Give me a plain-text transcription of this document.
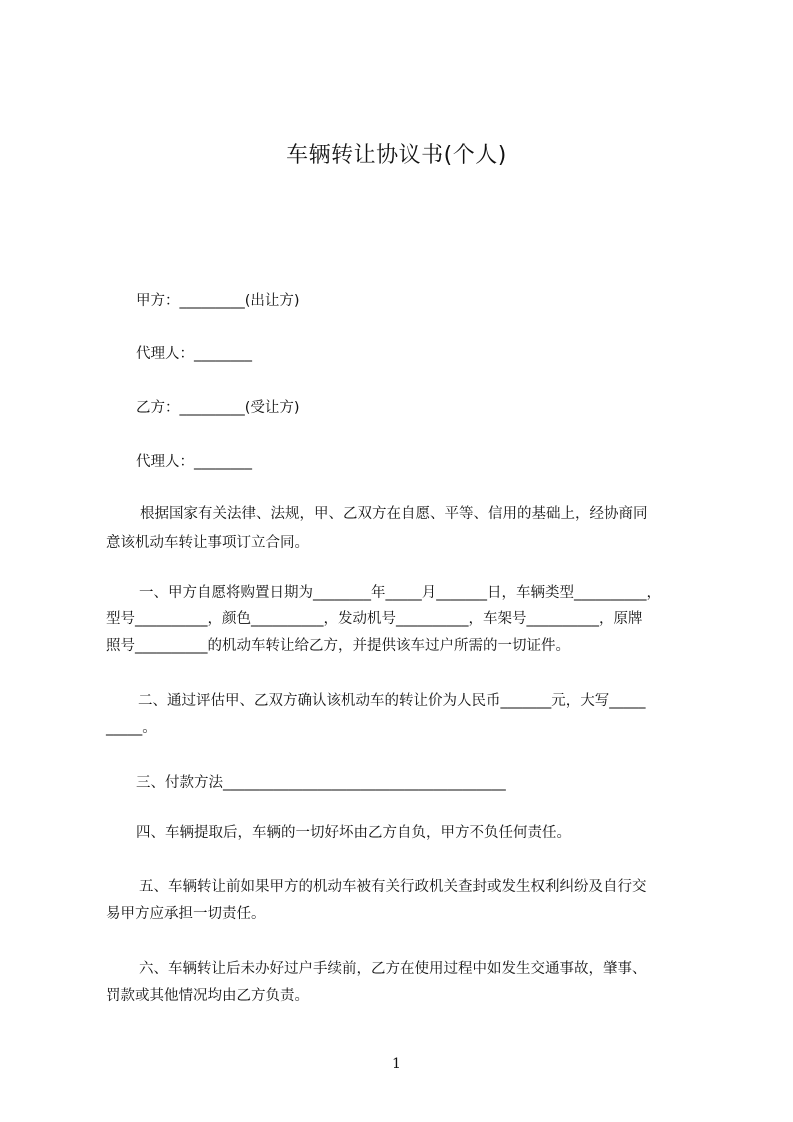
车辆转让协议书(个人)
甲方：_________(出让方)
代理人：________
乙方：_________(受让方)
代理人：________
根据国家有关法律、法规，甲、乙双方在自愿、平等、信用的基础上，经协商同
意该机动车转让事项订立合同。
一、甲方自愿将购置日期为________年_____月_______日，车辆类型__________，
型号__________，颜色__________，发动机号__________，车架号__________，原牌
照号__________的机动车转让给乙方，并提供该车过户所需的一切证件。
二、通过评估甲、乙双方确认该机动车的转让价为人民币_______元，大写_____
_____。
三、付款方法_______________________________________
四、车辆提取后，车辆的一切好坏由乙方自负，甲方不负任何责任。
五、车辆转让前如果甲方的机动车被有关行政机关查封或发生权利纠纷及自行交
易甲方应承担一切责任。
六、车辆转让后未办好过户手续前，乙方在使用过程中如发生交通事故，肇事、
罚款或其他情况均由乙方负责。
1
